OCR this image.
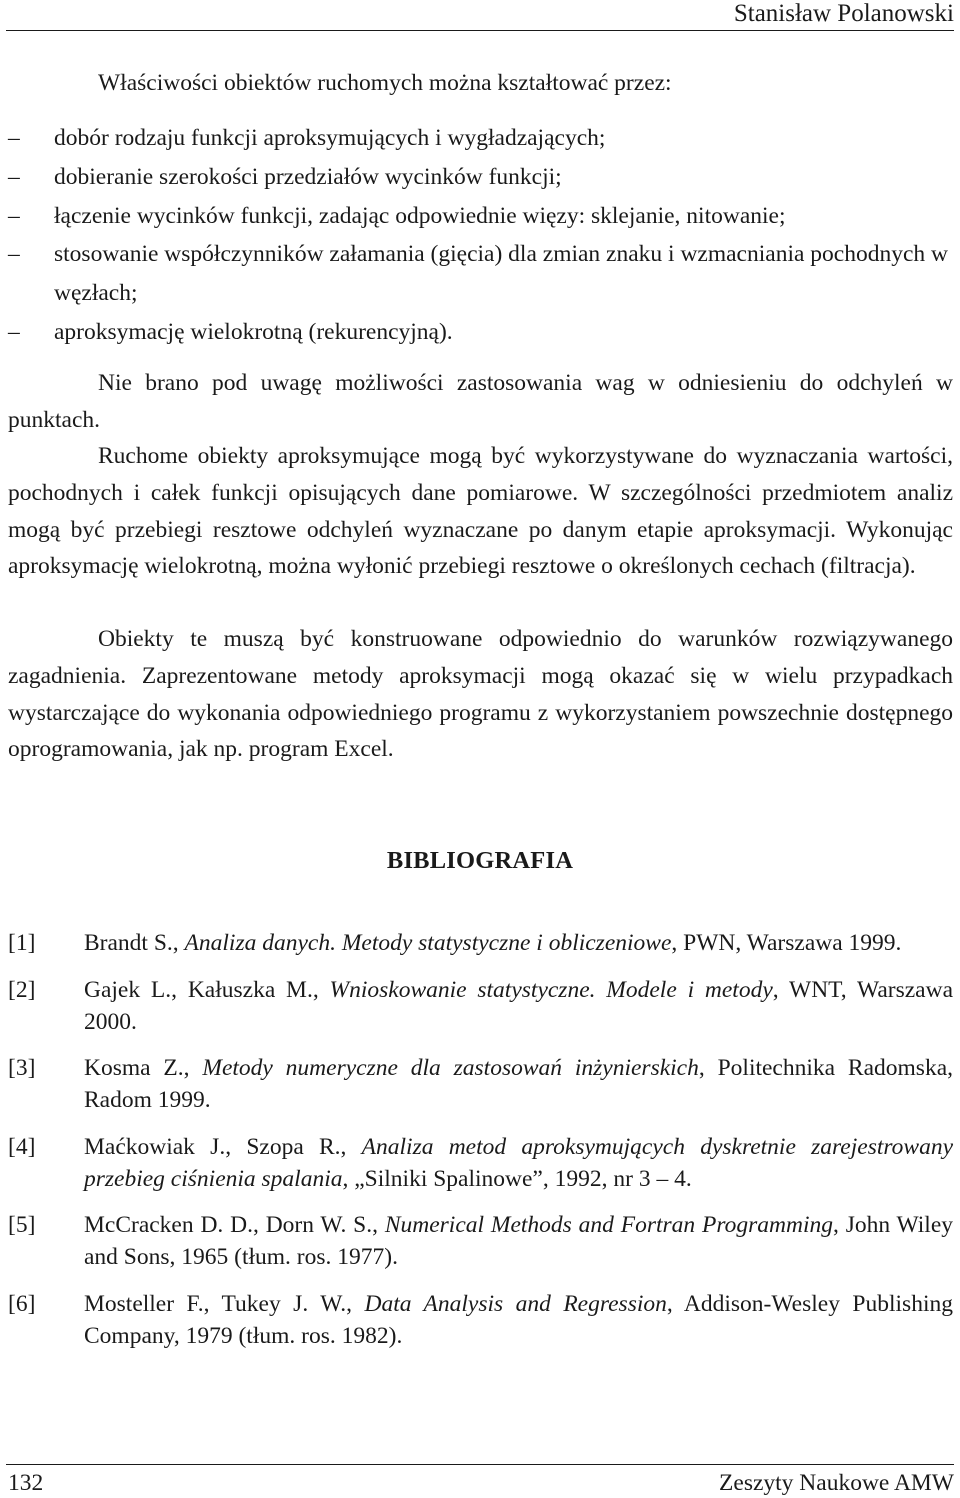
Stanisław Polanowski
Właściwości obiektów ruchomych można kształtować przez:
–	dobór rodzaju funkcji aproksymujących i wygładzających;
–	dobieranie szerokości przedziałów wycinków funkcji;
–	łączenie wycinków funkcji, zadając odpowiednie więzy: sklejanie, nitowanie;
–	stosowanie współczynników załamania (gięcia) dla zmian znaku i wzmacniania pochodnych w węzłach;
–	aproksymację wielokrotną (rekurencyjną).

Nie brano pod uwagę możliwości zastosowania wag w odniesieniu do odchyleń w punktach.

Ruchome obiekty aproksymujące mogą być wykorzystywane do wyznaczania wartości, pochodnych i całek funkcji opisujących dane pomiarowe. W szczególności przedmiotem analiz mogą być przebiegi resztowe odchyleń wyznaczane po danym etapie aproksymacji. Wykonując aproksymację wielokrotną, można wyłonić przebiegi resztowe o określonych cechach (filtracja).

Obiekty te muszą być konstruowane odpowiednio do warunków rozwiązywanego zagadnienia. Zaprezentowane metody aproksymacji mogą okazać się w wielu przypadkach wystarczające do wykonania odpowiedniego programu z wykorzystaniem powszechnie dostępnego oprogramowania, jak np. program Excel.

BIBLIOGRAFIA
[1] Brandt S., Analiza danych. Metody statystyczne i obliczeniowe, PWN, Warszawa 1999.
[2] Gajek L., Kałuszka M., Wnioskowanie statystyczne. Modele i metody, WNT, Warszawa 2000.
[3] Kosma Z., Metody numeryczne dla zastosowań inżynierskich, Politechnika Radomska, Radom 1999.
[4] Maćkowiak J., Szopa R., Analiza metod aproksymujących dyskretnie zarejestrowany przebieg ciśnienia spalania, „Silniki Spalinowe”, 1992, nr 3 – 4.
[5] McCracken D. D., Dorn W. S., Numerical Methods and Fortran Programming, John Wiley and Sons, 1965 (tłum. ros. 1977).
[6] Mosteller F., Tukey J. W., Data Analysis and Regression, Addison-Wesley Publishing Company, 1979 (tłum. ros. 1982).
132	Zeszyty Naukowe AMW
